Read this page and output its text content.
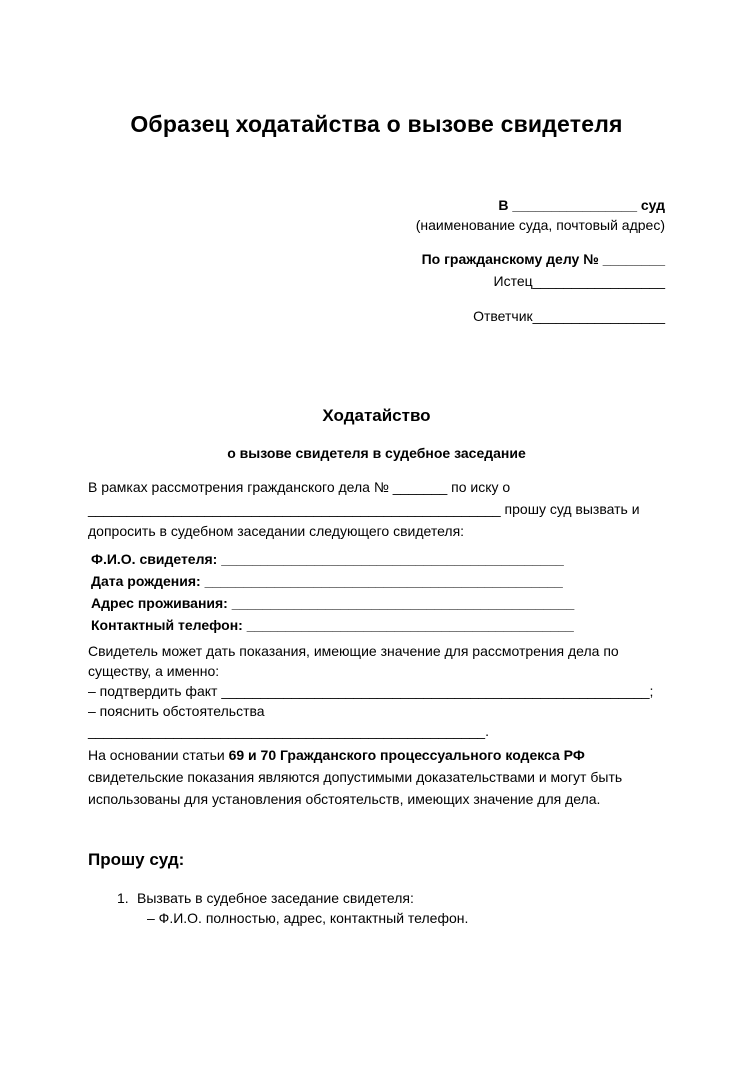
Образец ходатайства о вызове свидетеля
В ________________ суд
(наименование суда, почтовый адрес)
По гражданскому делу № ________
Истец_________________
Ответчик_________________
Ходатайство
о вызове свидетеля в судебное заседание
В рамках рассмотрения гражданского дела № _______ по иску о
_____________________________________________________ прошу суд вызвать и
допросить в судебном заседании следующего свидетеля:
Ф.И.О. свидетеля: ____________________________________________
Дата рождения: ______________________________________________
Адрес проживания: ____________________________________________
Контактный телефон: __________________________________________
Свидетель может дать показания, имеющие значение для рассмотрения дела по
существу, а именно:
– подтвердить факт _______________________________________________________;
– пояснить обстоятельства
___________________________________________________.
На основании статьи 69 и 70 Гражданского процессуального кодекса РФ
свидетельские показания являются допустимыми доказательствами и могут быть
использованы для установления обстоятельств, имеющих значение для дела.
Прошу суд:
1. Вызвать в судебное заседание свидетеля:
– Ф.И.О. полностью, адрес, контактный телефон.
